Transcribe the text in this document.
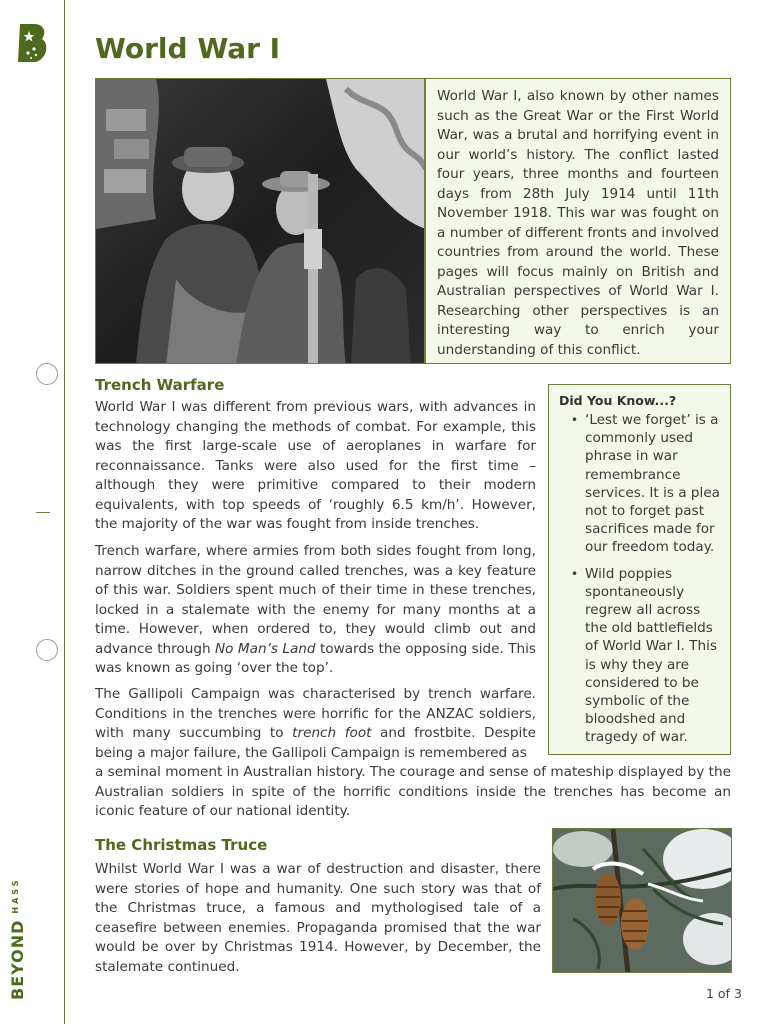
$BEYOND^{HASS}$
World War I
World War I, also known by other names such as the Great War or the First World War, was a brutal and horrifying event in our world’s history. The conflict lasted four years, three months and fourteen days from 28th July 1914 until 11th November 1918. This war was fought on a number of different fronts and involved countries from around the world. These pages will focus mainly on British and Australian perspectives of World War I. Researching other perspectives is an interesting way to enrich your understanding of this conflict.
Trench Warfare

World War I was different from previous wars, with advances in technology changing the methods of combat. For example, this was the first large-scale use of aeroplanes in warfare for reconnaissance. Tanks were also used for the first time – although they were primitive compared to their modern equivalents, with top speeds of ‘roughly 6.5 km/h’. However, the majority of the war was fought from inside trenches.

Trench warfare, where armies from both sides fought from long, narrow ditches in the ground called trenches, was a key feature of this war. Soldiers spent much of their time in these trenches, locked in a stalemate with the enemy for many months at a time. However, when ordered to, they would climb out and advance through No Man’s Land towards the opposing side. This was known as going ‘over the top’.

The Gallipoli Campaign was characterised by trench warfare. Conditions in the trenches were horrific for the ANZAC soldiers, with many succumbing to trench foot and frostbite. Despite being a major failure, the Gallipoli Campaign is remembered as

a seminal moment in Australian history. The courage and sense of mateship displayed by the Australian soldiers in spite of the horrific conditions inside the trenches has become an iconic feature of our national identity.

Did You Know...?
• ‘Lest we forget’ is a commonly used phrase in war remembrance services. It is a plea not to forget past sacrifices made for our freedom today.
• Wild poppies spontaneously regrew all across the old battlefields of World War I. This is why they are considered to be symbolic of the bloodshed and tragedy of war.
The Christmas Truce

Whilst World War I was a war of destruction and disaster, there were stories of hope and humanity. One such story was that of the Christmas truce, a famous and mythologised tale of a ceasefire between enemies. Propaganda promised that the war would be over by Christmas 1914. However, by December, the stalemate continued.

1 of 3
